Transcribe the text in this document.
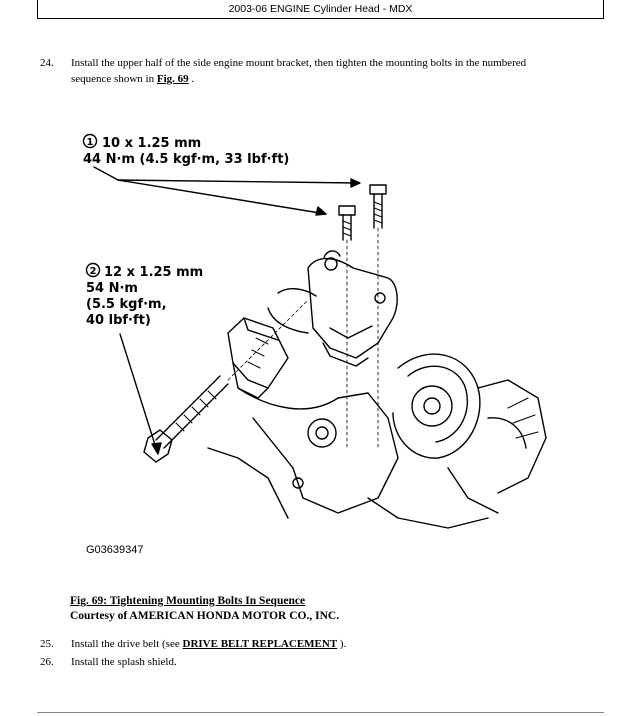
2003-06 ENGINE Cylinder Head - MDX
24. Install the upper half of the side engine mount bracket, then tighten the mounting bolts in the numbered
sequence shown in Fig. 69 .
1 10 x 1.25 mm
44 N·m (4.5 kgf·m, 33 lbf·ft)
2 12 x 1.25 mm
54 N·m
(5.5 kgf·m,
40 lbf·ft)
G03639347
Fig. 69: Tightening Mounting Bolts In Sequence
Courtesy of AMERICAN HONDA MOTOR CO., INC.
25. Install the drive belt (see DRIVE BELT REPLACEMENT ).
26. Install the splash shield.
